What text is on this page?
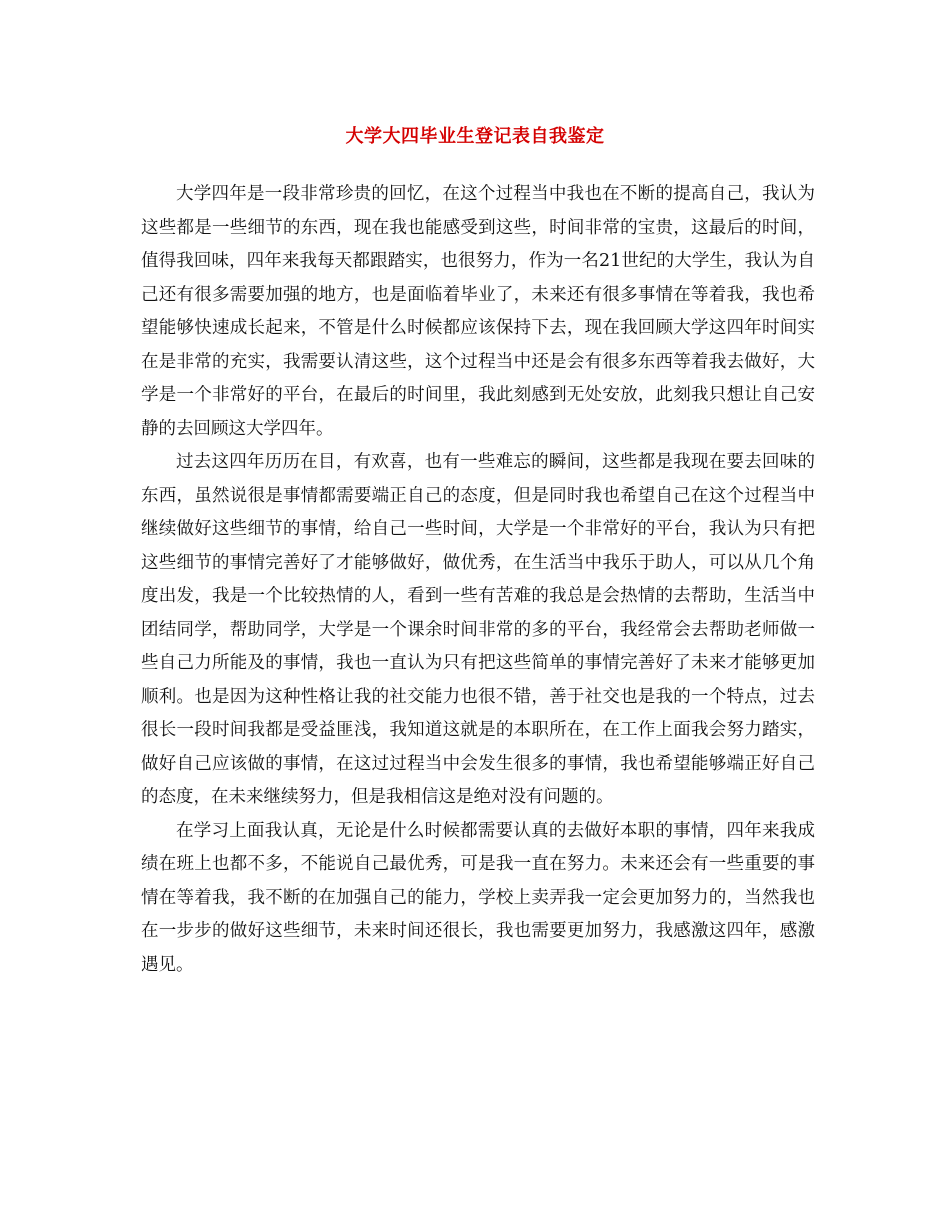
大学大四毕业生登记表自我鉴定

大学四年是一段非常珍贵的回忆，在这个过程当中我也在不断的提高自己，我认为这些都是一些细节的东西，现在我也能感受到这些，时间非常的宝贵，这最后的时间，值得我回味，四年来我每天都跟踏实，也很努力，作为一名21世纪的大学生，我认为自己还有很多需要加强的地方，也是面临着毕业了，未来还有很多事情在等着我，我也希望能够快速成长起来，不管是什么时候都应该保持下去，现在我回顾大学这四年时间实在是非常的充实，我需要认清这些，这个过程当中还是会有很多东西等着我去做好，大学是一个非常好的平台，在最后的时间里，我此刻感到无处安放，此刻我只想让自己安静的去回顾这大学四年。

过去这四年历历在目，有欢喜，也有一些难忘的瞬间，这些都是我现在要去回味的东西，虽然说很是事情都需要端正自己的态度，但是同时我也希望自己在这个过程当中继续做好这些细节的事情，给自己一些时间，大学是一个非常好的平台，我认为只有把这些细节的事情完善好了才能够做好，做优秀，在生活当中我乐于助人，可以从几个角度出发，我是一个比较热情的人，看到一些有苦难的我总是会热情的去帮助，生活当中团结同学，帮助同学，大学是一个课余时间非常的多的平台，我经常会去帮助老师做一些自己力所能及的事情，我也一直认为只有把这些简单的事情完善好了未来才能够更加顺利。也是因为这种性格让我的社交能力也很不错，善于社交也是我的一个特点，过去很长一段时间我都是受益匪浅，我知道这就是的本职所在，在工作上面我会努力踏实，做好自己应该做的事情，在这过过程当中会发生很多的事情，我也希望能够端正好自己的态度，在未来继续努力，但是我相信这是绝对没有问题的。

在学习上面我认真，无论是什么时候都需要认真的去做好本职的事情，四年来我成绩在班上也都不多，不能说自己最优秀，可是我一直在努力。未来还会有一些重要的事情在等着我，我不断的在加强自己的能力，学校上卖弄我一定会更加努力的，当然我也在一步步的做好这些细节，未来时间还很长，我也需要更加努力，我感激这四年，感激遇见。
